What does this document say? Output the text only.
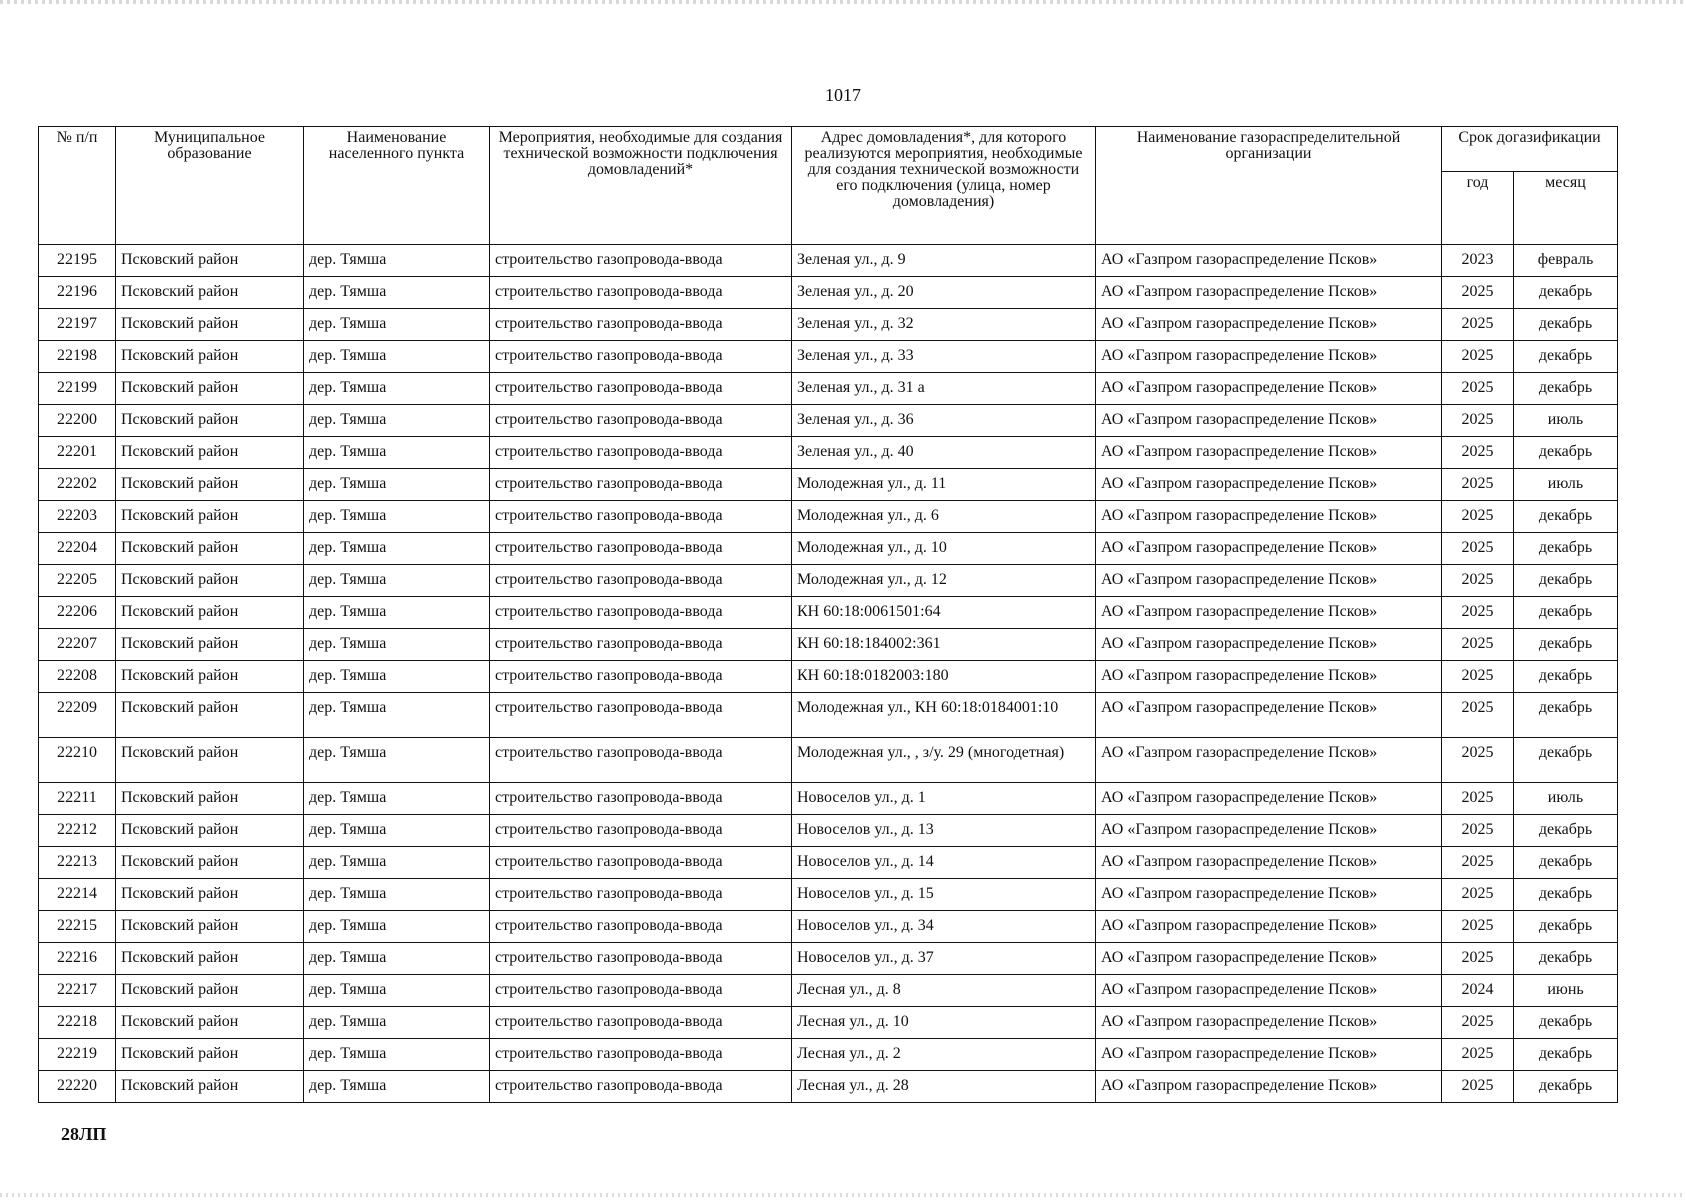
1017
№ п/п	Муниципальное образование	Наименование населенного пункта	Мероприятия, необходимые для создания технической возможности подключения домовладений*	Адрес домовладения*, для которого реализуются мероприятия, необходимые для создания технической возможности его подключения (улица, номер домовладения)	Наименование газораспределительной организации	Срок догазификации	
						год	месяц
22195	Псковский район	дер. Тямша	строительство газопровода-ввода	Зеленая ул., д. 9	АО «Газпром газораспределение Псков»	2023	февраль
22196	Псковский район	дер. Тямша	строительство газопровода-ввода	Зеленая ул., д. 20	АО «Газпром газораспределение Псков»	2025	декабрь
22197	Псковский район	дер. Тямша	строительство газопровода-ввода	Зеленая ул., д. 32	АО «Газпром газораспределение Псков»	2025	декабрь
22198	Псковский район	дер. Тямша	строительство газопровода-ввода	Зеленая ул., д. 33	АО «Газпром газораспределение Псков»	2025	декабрь
22199	Псковский район	дер. Тямша	строительство газопровода-ввода	Зеленая ул., д. 31 а	АО «Газпром газораспределение Псков»	2025	декабрь
22200	Псковский район	дер. Тямша	строительство газопровода-ввода	Зеленая ул., д. 36	АО «Газпром газораспределение Псков»	2025	июль
22201	Псковский район	дер. Тямша	строительство газопровода-ввода	Зеленая ул., д. 40	АО «Газпром газораспределение Псков»	2025	декабрь
22202	Псковский район	дер. Тямша	строительство газопровода-ввода	Молодежная ул., д. 11	АО «Газпром газораспределение Псков»	2025	июль
22203	Псковский район	дер. Тямша	строительство газопровода-ввода	Молодежная ул., д. 6	АО «Газпром газораспределение Псков»	2025	декабрь
22204	Псковский район	дер. Тямша	строительство газопровода-ввода	Молодежная ул., д. 10	АО «Газпром газораспределение Псков»	2025	декабрь
22205	Псковский район	дер. Тямша	строительство газопровода-ввода	Молодежная ул., д. 12	АО «Газпром газораспределение Псков»	2025	декабрь
22206	Псковский район	дер. Тямша	строительство газопровода-ввода	КН 60:18:0061501:64	АО «Газпром газораспределение Псков»	2025	декабрь
22207	Псковский район	дер. Тямша	строительство газопровода-ввода	КН 60:18:184002:361	АО «Газпром газораспределение Псков»	2025	декабрь
22208	Псковский район	дер. Тямша	строительство газопровода-ввода	КН 60:18:0182003:180	АО «Газпром газораспределение Псков»	2025	декабрь
22209	Псковский район	дер. Тямша	строительство газопровода-ввода	Молодежная ул., КН 60:18:0184001:10	АО «Газпром газораспределение Псков»	2025	декабрь
22210	Псковский район	дер. Тямша	строительство газопровода-ввода	Молодежная ул., , з/у. 29 (многодетная)	АО «Газпром газораспределение Псков»	2025	декабрь
22211	Псковский район	дер. Тямша	строительство газопровода-ввода	Новоселов ул., д. 1	АО «Газпром газораспределение Псков»	2025	июль
22212	Псковский район	дер. Тямша	строительство газопровода-ввода	Новоселов ул., д. 13	АО «Газпром газораспределение Псков»	2025	декабрь
22213	Псковский район	дер. Тямша	строительство газопровода-ввода	Новоселов ул., д. 14	АО «Газпром газораспределение Псков»	2025	декабрь
22214	Псковский район	дер. Тямша	строительство газопровода-ввода	Новоселов ул., д. 15	АО «Газпром газораспределение Псков»	2025	декабрь
22215	Псковский район	дер. Тямша	строительство газопровода-ввода	Новоселов ул., д. 34	АО «Газпром газораспределение Псков»	2025	декабрь
22216	Псковский район	дер. Тямша	строительство газопровода-ввода	Новоселов ул., д. 37	АО «Газпром газораспределение Псков»	2025	декабрь
22217	Псковский район	дер. Тямша	строительство газопровода-ввода	Лесная ул., д. 8	АО «Газпром газораспределение Псков»	2024	июнь
22218	Псковский район	дер. Тямша	строительство газопровода-ввода	Лесная ул., д. 10	АО «Газпром газораспределение Псков»	2025	декабрь
22219	Псковский район	дер. Тямша	строительство газопровода-ввода	Лесная ул., д. 2	АО «Газпром газораспределение Псков»	2025	декабрь
22220	Псковский район	дер. Тямша	строительство газопровода-ввода	Лесная ул., д. 28	АО «Газпром газораспределение Псков»	2025	декабрь
28ЛП
